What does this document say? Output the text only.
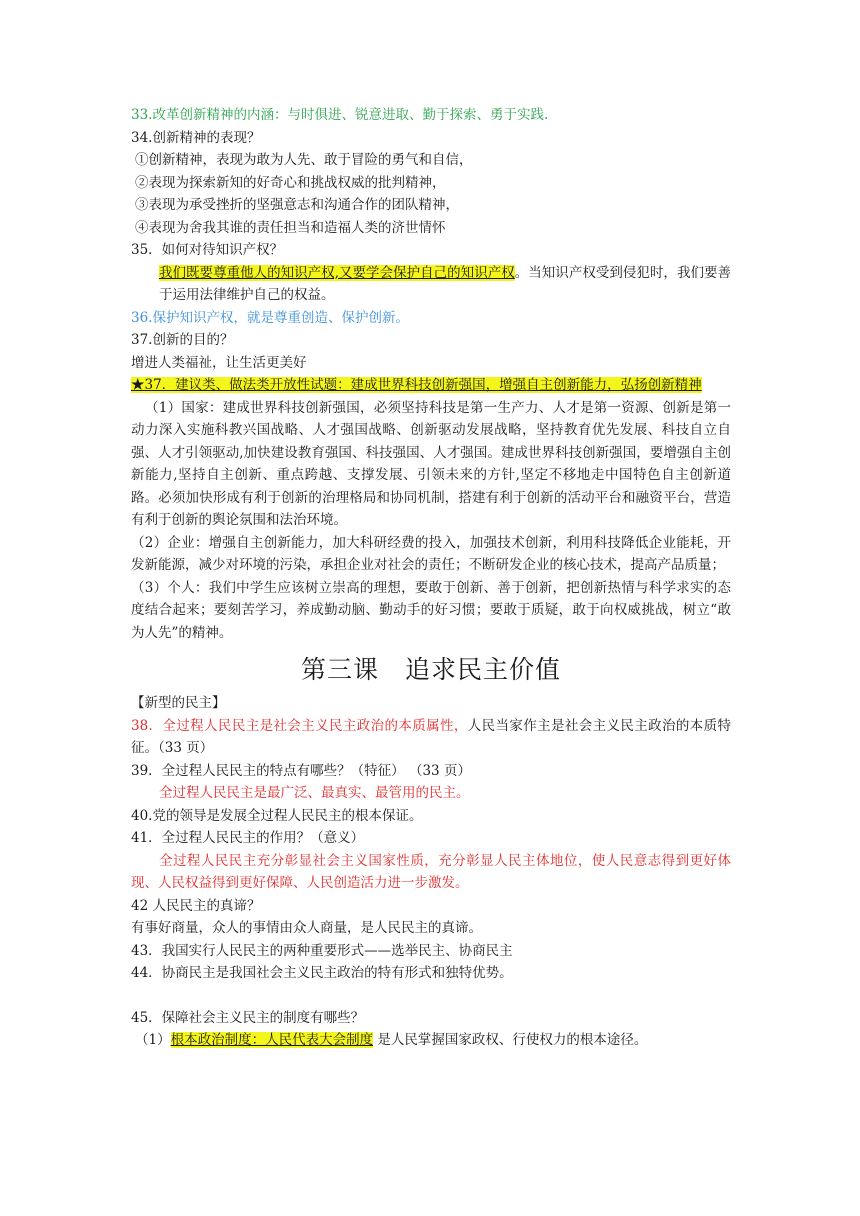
33.改革创新精神的内涵：与时俱进、锐意进取、勤于探索、勇于实践.

34.创新精神的表现？

①创新精神，表现为敢为人先、敢于冒险的勇气和自信，

②表现为探索新知的好奇心和挑战权威的批判精神，

③表现为承受挫折的坚强意志和沟通合作的团队精神，

④表现为舍我其谁的责任担当和造福人类的济世情怀

35．如何对待知识产权？

我们既要尊重他人的知识产权,又要学会保护自己的知识产权。当知识产权受到侵犯时，我们要善于运用法律维护自己的权益。

36.保护知识产权，就是尊重创造、保护创新。

37.创新的目的？

增进人类福祉，让生活更美好

★37．建议类、做法类开放性试题：建成世界科技创新强国，增强自主创新能力，弘扬创新精神

（1）国家：建成世界科技创新强国，必须坚持科技是第一生产力、人才是第一资源、创新是第一动力深入实施科教兴国战略、人才强国战略、创新驱动发展战略，坚持教育优先发展、科技自立自强、人才引领驱动,加快建设教育强国、科技强国、人才强国。建成世界科技创新强国，要增强自主创新能力,坚持自主创新、重点跨越、支撑发展、引领未来的方针,坚定不移地走中国特色自主创新道路。必须加快形成有利于创新的治理格局和协同机制，搭建有利于创新的活动平台和融资平台，营造有利于创新的舆论氛围和法治环境。

（2）企业：增强自主创新能力，加大科研经费的投入，加强技术创新，利用科技降低企业能耗，开发新能源，减少对环境的污染，承担企业对社会的责任；不断研发企业的核心技术，提高产品质量；

（3）个人：我们中学生应该树立崇高的理想，要敢于创新、善于创新，把创新热情与科学求实的态度结合起来；要刻苦学习，养成勤动脑、勤动手的好习惯；要敢于质疑，敢于向权威挑战，树立“敢为人先”的精神。

第三课　追求民主价值

【新型的民主】

38．全过程人民民主是社会主义民主政治的本质属性，人民当家作主是社会主义民主政治的本质特征。（33 页）

39．全过程人民民主的特点有哪些？（特征） （33 页）

全过程人民民主是最广泛、最真实、最管用的民主。

40.党的领导是发展全过程人民民主的根本保证。

41．全过程人民民主的作用？（意义）

全过程人民民主充分彰显社会主义国家性质，充分彰显人民主体地位，使人民意志得到更好体现、人民权益得到更好保障、人民创造活力进一步激发。

42 人民民主的真谛？

有事好商量，众人的事情由众人商量，是人民民主的真谛。

43．我国实行人民民主的两种重要形式——选举民主、协商民主

44．协商民主是我国社会主义民主政治的特有形式和独特优势。

45．保障社会主义民主的制度有哪些？

（1）根本政治制度：人民代表大会制度 是人民掌握国家政权、行使权力的根本途径。
